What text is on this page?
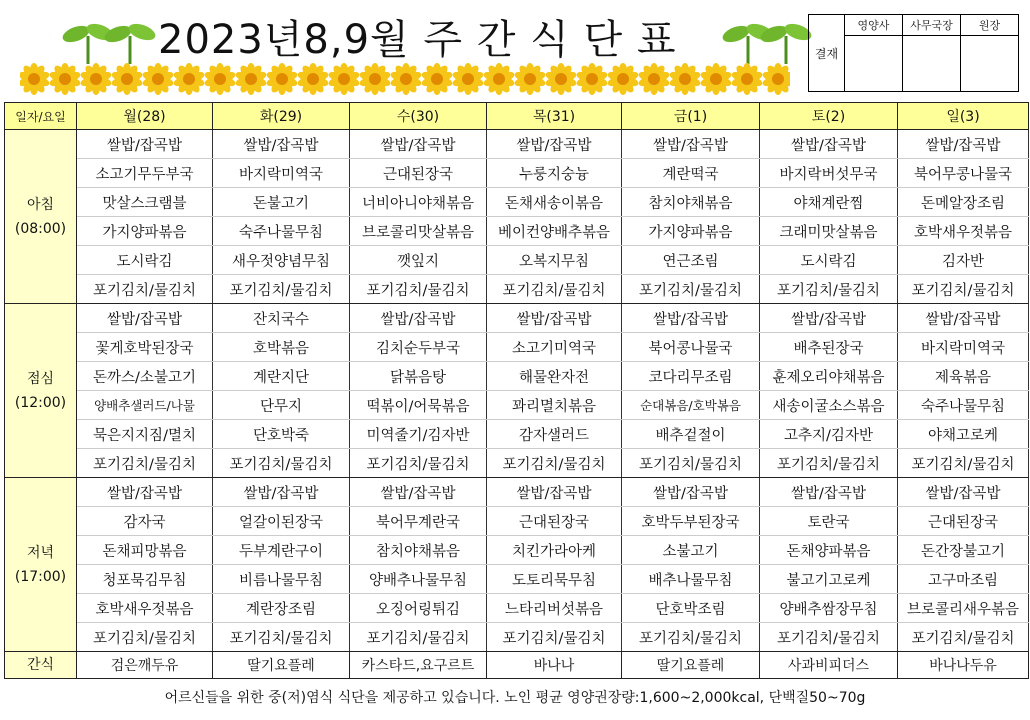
2023년8,9월 주 간 식 단 표	결재	영양사	사무국장	원장

일자/요일	월(28)	화(29)	수(30)	목(31)	금(1)	토(2)	일(3)

아침
(08:00)	쌀밥/잡곡밥	쌀밥/잡곡밥	쌀밥/잡곡밥	쌀밥/잡곡밥	쌀밥/잡곡밥	쌀밥/잡곡밥	쌀밥/잡곡밥
	소고기무두부국	바지락미역국	근대된장국	누룽지숭늉	계란떡국	바지락버섯무국	북어무콩나물국
	맛살스크램블	돈불고기	너비아니야채볶음	돈채새송이볶음	참치야채볶음	야채계란찜	돈메알장조림
	가지양파볶음	숙주나물무침	브로콜리맛살볶음	베이컨양배추볶음	가지양파볶음	크래미맛살볶음	호박새우젓볶음
	도시락김	새우젓양념무침	깻잎지	오복지무침	연근조림	도시락김	김자반
	포기김치/물김치	포기김치/물김치	포기김치/물김치	포기김치/물김치	포기김치/물김치	포기김치/물김치	포기김치/물김치

점심
(12:00)	쌀밥/잡곡밥	잔치국수	쌀밥/잡곡밥	쌀밥/잡곡밥	쌀밥/잡곡밥	쌀밥/잡곡밥	쌀밥/잡곡밥
	꽃게호박된장국	호박볶음	김치순두부국	소고기미역국	북어콩나물국	배추된장국	바지락미역국
	돈까스/소불고기	계란지단	닭볶음탕	해물완자전	코다리무조림	훈제오리야채볶음	제육볶음
	양배추샐러드/나물	단무지	떡볶이/어묵볶음	꽈리멸치볶음	순대볶음/호박볶음	새송이굴소스볶음	숙주나물무침
	묵은지지짐/멸치	단호박죽	미역줄기/김자반	감자샐러드	배추겉절이	고추지/김자반	야채고로케
	포기김치/물김치	포기김치/물김치	포기김치/물김치	포기김치/물김치	포기김치/물김치	포기김치/물김치	포기김치/물김치

저녁
(17:00)	쌀밥/잡곡밥	쌀밥/잡곡밥	쌀밥/잡곡밥	쌀밥/잡곡밥	쌀밥/잡곡밥	쌀밥/잡곡밥	쌀밥/잡곡밥
	감자국	얼갈이된장국	북어무계란국	근대된장국	호박두부된장국	토란국	근대된장국
	돈채피망볶음	두부계란구이	참치야채볶음	치킨가라아케	소불고기	돈채양파볶음	돈간장불고기
	청포묵김무침	비름나물무침	양배추나물무침	도토리묵무침	배추나물무침	불고기고로케	고구마조림
	호박새우젓볶음	계란장조림	오징어링튀김	느타리버섯볶음	단호박조림	양배추쌈장무침	브로콜리새우볶음
	포기김치/물김치	포기김치/물김치	포기김치/물김치	포기김치/물김치	포기김치/물김치	포기김치/물김치	포기김치/물김치
간식	검은깨두유	딸기요플레	카스타드,요구르트	바나나	딸기요플레	사과비피더스	바나나두유
어르신들을 위한 중(저)염식 식단을 제공하고 있습니다. 노인 평균 영양권장량:1,600~2,000kcal, 단백질50~70g
